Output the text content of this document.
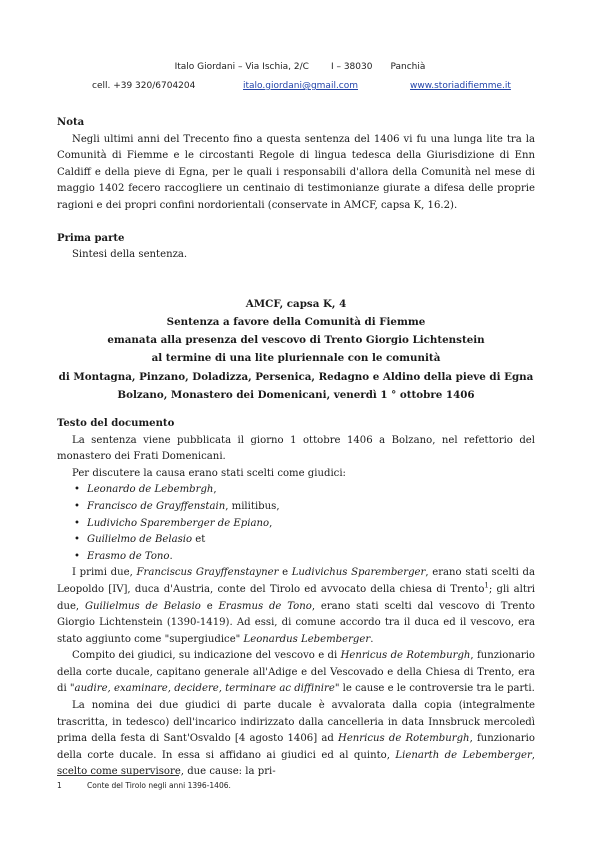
Italo Giordani – Via Ischia, 2/C I – 38030 Panchià
cell. +39 320/6704204	italo.giordani@gmail.com	www.storiadifiemme.it
Nota

Negli ultimi anni del Trecento fino a questa sentenza del 1406 vi fu una lunga lite tra la Comunità di Fiemme e le circostanti Regole di lingua tedesca della Giurisdizione di Enn Caldiff e della pieve di Egna, per le quali i responsabili d'allora della Comunità nel mese di maggio 1402 fecero raccogliere un centinaio di testimonianze giurate a difesa delle proprie ragioni e dei propri confini nordorientali (conservate in AMCF, capsa K, 16.2).

Prima parte
Sintesi della sentenza.
AMCF, capsa K, 4
Sentenza a favore della Comunità di Fiemme
emanata alla presenza del vescovo di Trento Giorgio Lichtenstein
al termine di una lite pluriennale con le comunità
di Montagna, Pinzano, Doladizza, Persenica, Redagno e Aldino della pieve di Egna
Bolzano, Monastero dei Domenicani, venerdì 1 ° ottobre 1406
Testo del documento

La sentenza viene pubblicata il giorno 1 ottobre 1406 a Bolzano, nel refettorio del monastero dei Frati Domenicani.

Per discutere la causa erano stati scelti come giudici:

• Leonardo de Lebembrgh,
• Francisco de Grayffenstain, militibus,
• Ludivicho Sparemberger de Epiano,
• Guilielmo de Belasio et
• Erasmo de Tono.

I primi due, Franciscus Grayffenstayner e Ludivichus Sparemberger, erano stati scelti da Leopoldo [IV], duca d'Austria, conte del Tirolo ed avvocato della chiesa di Trento$^1$; gli altri due, Guilielmus de Belasio e Erasmus de Tono, erano stati scelti dal vescovo di Trento Giorgio Lichtenstein (1390-1419). Ad essi, di comune accordo tra il duca ed il vescovo, era stato aggiunto come "supergiudice" Leonardus Lebemberger.

Compito dei giudici, su indicazione del vescovo e di Henricus de Rotemburgh, funzionario della corte ducale, capitano generale all'Adige e del Vescovado e della Chiesa di Trento, era di "audire, examinare, decidere, terminare ac diffinire" le cause e le controversie tra le parti.

La nomina dei due giudici di parte ducale è avvalorata dalla copia (integralmente trascritta, in tedesco) dell'incarico indirizzato dalla cancelleria in data Innsbruck mercoledì prima della festa di Sant'Osvaldo [4 agosto 1406] ad Henricus de Rotemburgh, funzionario della corte ducale. In essa si affidano ai giudici ed al quinto, Lienarth de Lebemberger, scelto come supervisore, due cause: la pri-

1	Conte del Tirolo negli anni 1396-1406.
